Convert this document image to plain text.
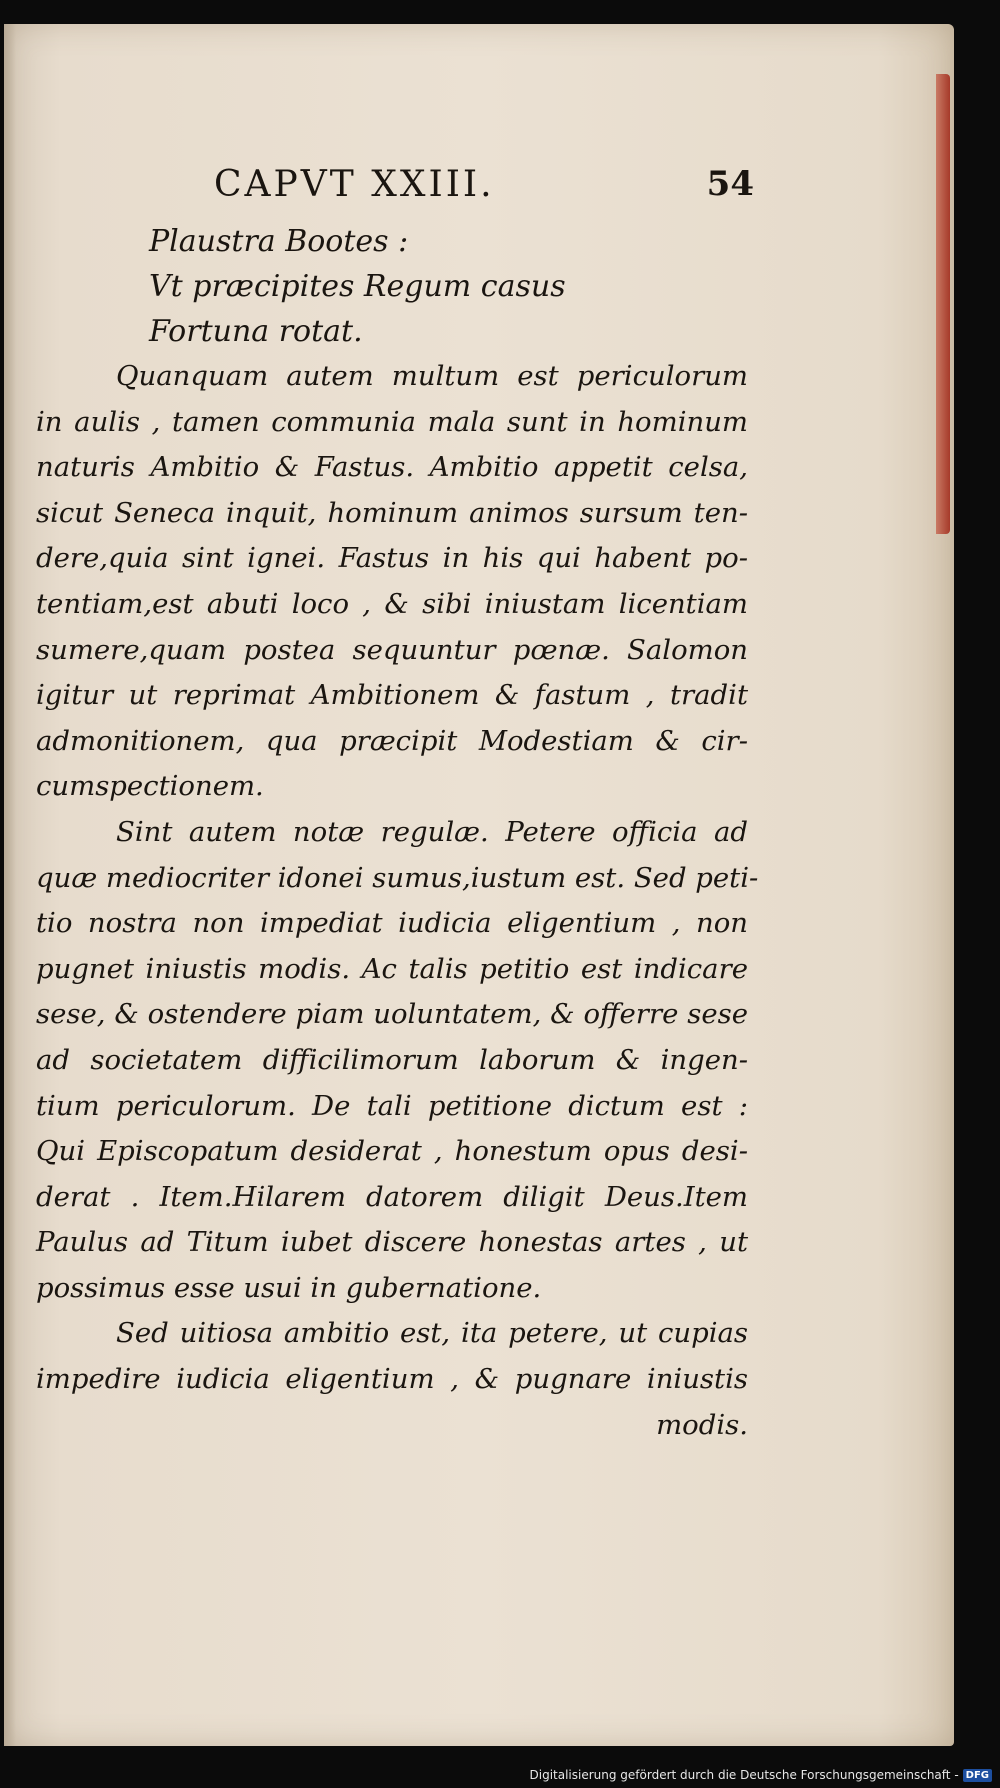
CAPVT XXIII.	54
Plaustra Bootes :
Vt præcipites Regum casus
Fortuna rotat.
Quanquam autem multum est periculorum
in aulis , tamen communia mala sunt in hominum
naturis Ambitio & Fastus. Ambitio appetit celsa,
sicut Seneca inquit, hominum animos sursum ten-
dere,quia sint ignei. Fastus in his qui habent po-
tentiam,est abuti loco , & sibi iniustam licentiam
sumere,quam postea sequuntur pœnæ. Salomon
igitur ut reprimat Ambitionem & fastum , tradit
admonitionem, qua præcipit Modestiam & cir-
cumspectionem.
Sint autem notæ regulæ. Petere officia ad
quæ mediocriter idonei sumus,iustum est. Sed peti-
tio nostra non impediat iudicia eligentium , non
pugnet iniustis modis. Ac talis petitio est indicare
sese, & ostendere piam uoluntatem, & offerre sese
ad societatem difficilimorum laborum & ingen-
tium periculorum. De tali petitione dictum est :
Qui Episcopatum desiderat , honestum opus desi-
derat . Item.Hilarem datorem diligit Deus.Item
Paulus ad Titum iubet discere honestas artes , ut
possimus esse usui in gubernatione.
Sed uitiosa ambitio est, ita petere, ut cupias
impedire iudicia eligentium , & pugnare iniustis
modis.
Digitalisierung gefördert durch die Deutsche Forschungsgemeinschaft - DFG
